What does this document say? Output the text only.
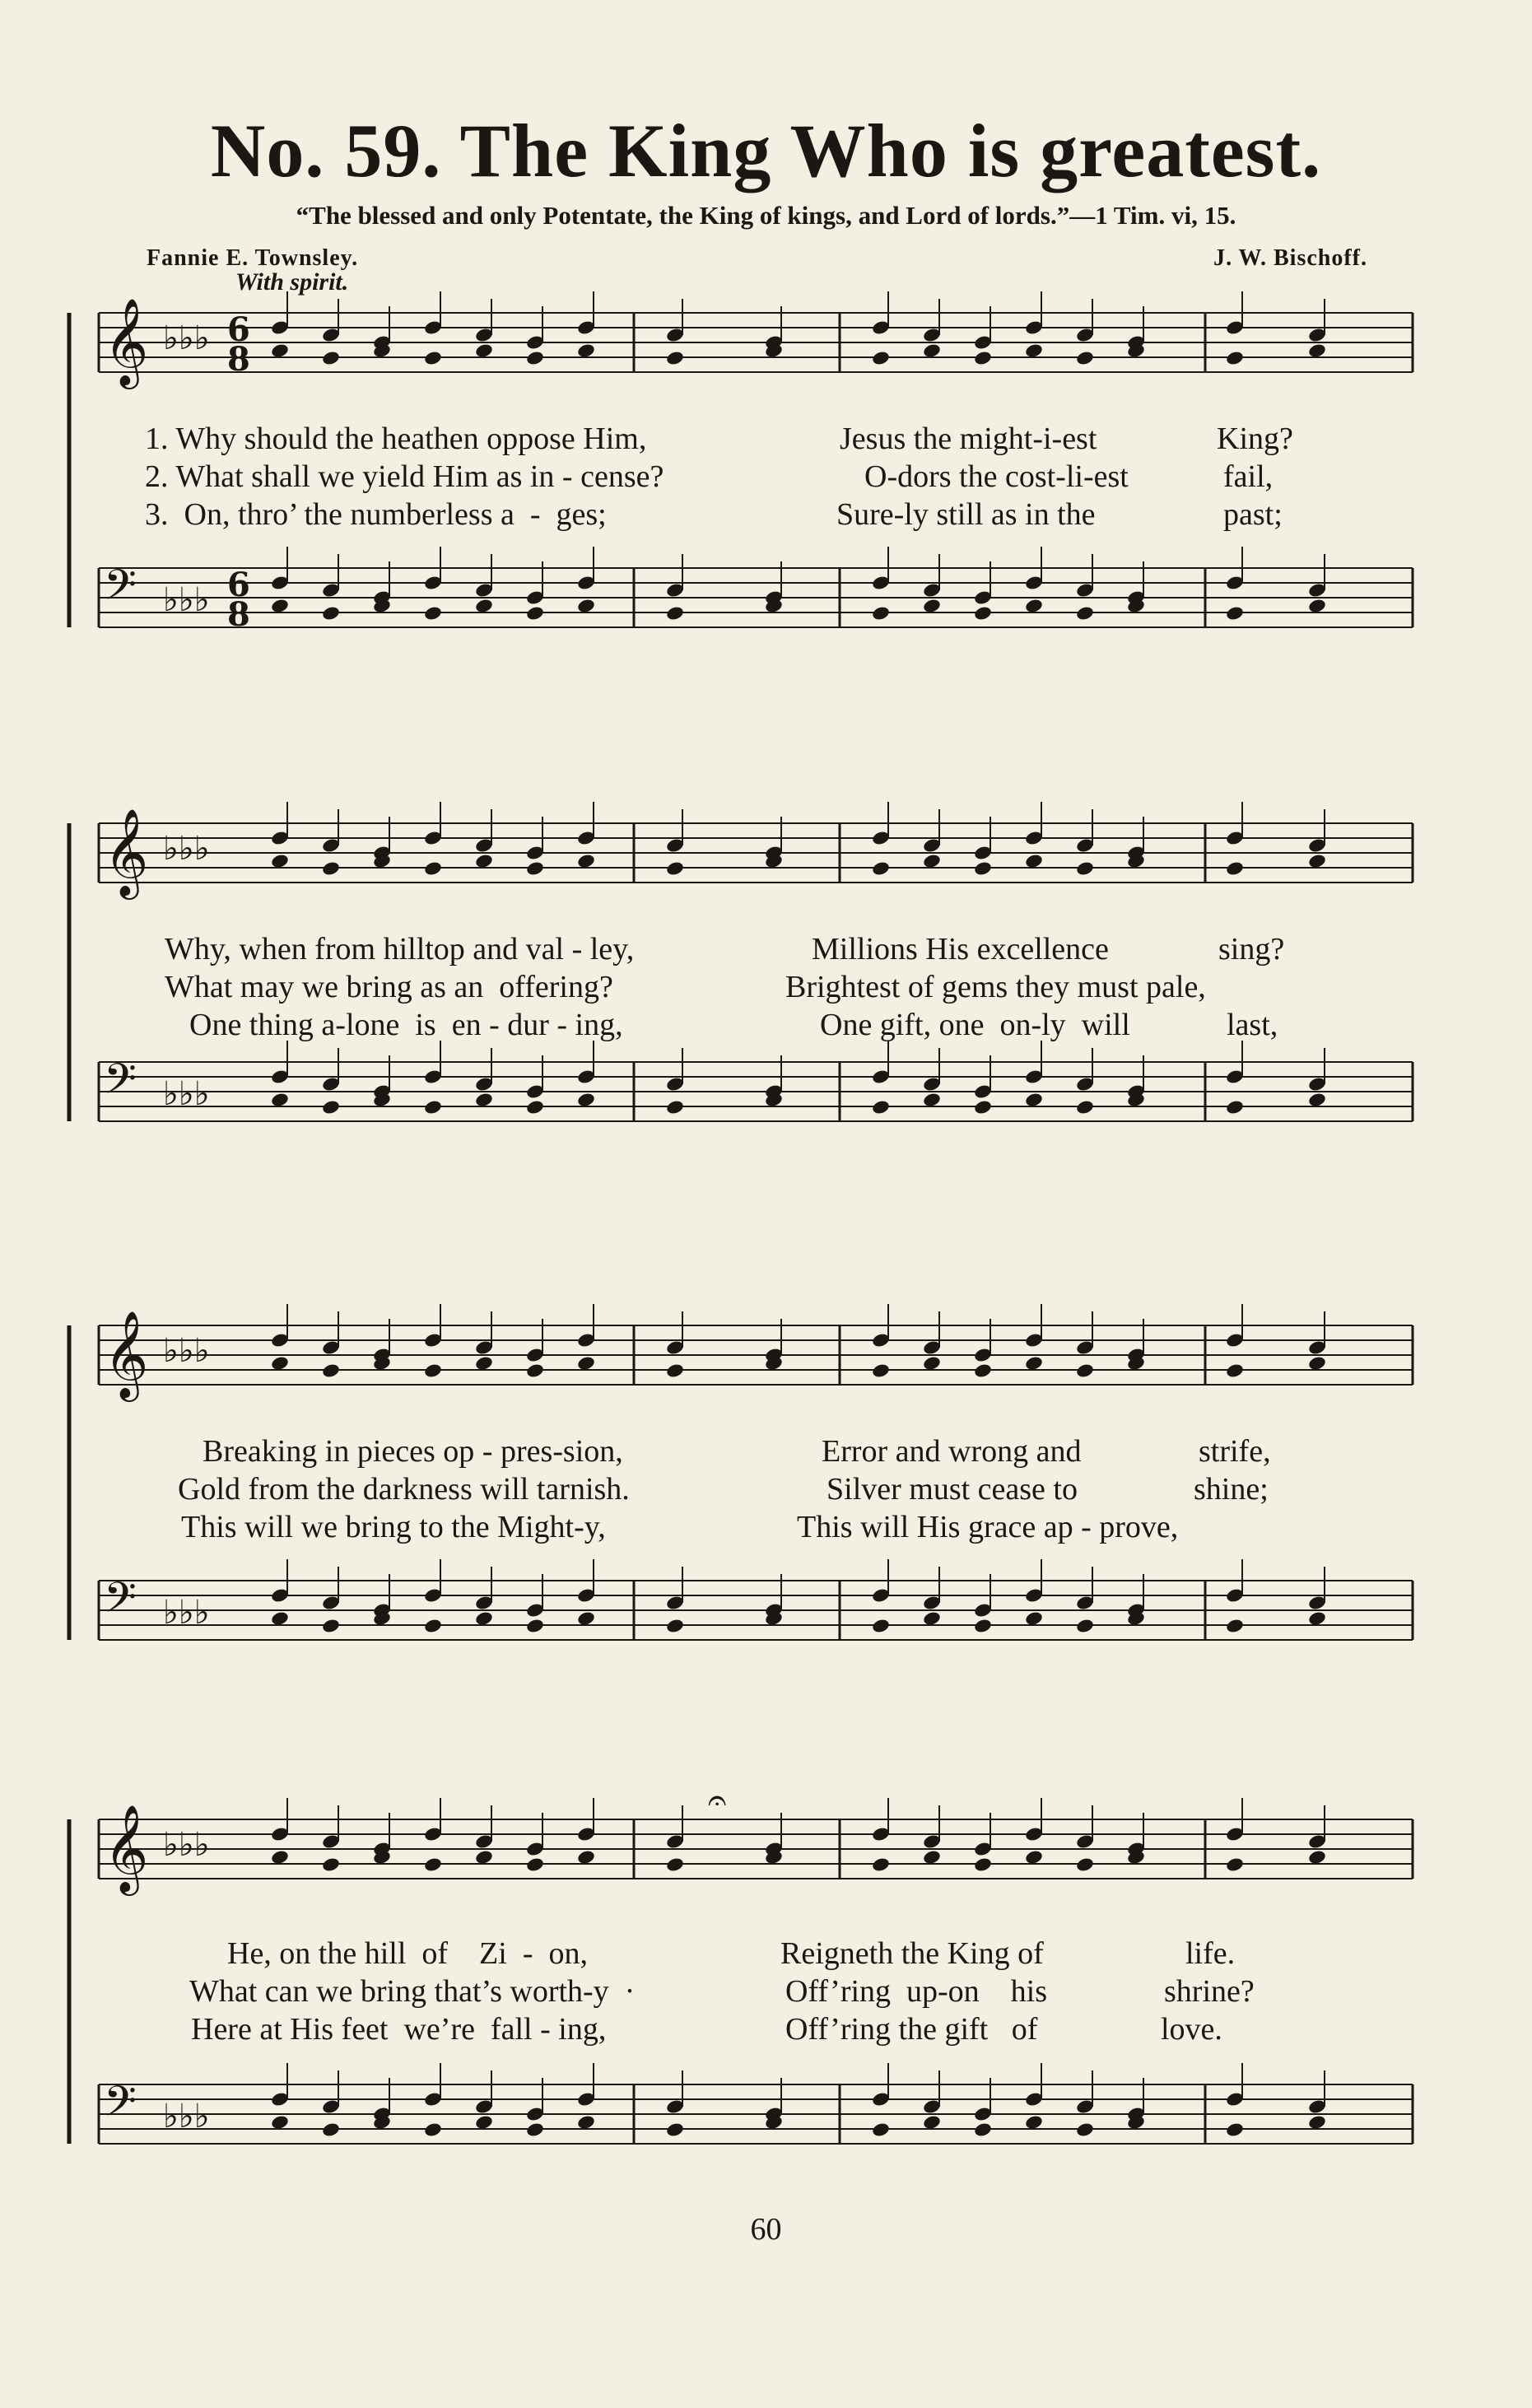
No. 59. The King Who is greatest.
“The blessed and only Potentate, the King of kings, and Lord of lords.”—1 Tim. vi, 15.
Fannie E. Townsley.	J. W. Bischoff.
With spirit.
𝄞 ♭♭♭ 6
8
𝄢 ♭♭♭ 6
8
1. Why should the heathen oppose Him,	Jesus the might-i-est	King?
2. What shall we yield Him as in - cense?	O-dors the cost-li-est	fail,
3.  On, thro’ the numberless a  -  ges;	Sure-ly still as in the	past;
𝄞 ♭♭♭
𝄢 ♭♭♭
Why, when from hilltop and val - ley,	Millions His excellence	sing?
What may we bring as an  offering?	Brightest of gems they must pale,
One thing a-lone  is  en - dur - ing,	One gift, one  on-ly  will	last,
𝄞 ♭♭♭
𝄢 ♭♭♭
Breaking in pieces op - pres-sion,	Error and wrong and	strife,
Gold from the darkness will tarnish.	Silver must cease to	shine;
This will we bring to the Might-y,	This will His grace ap - prove,
𝄞 ♭♭♭
𝄢 ♭♭♭
𝄐
He, on the hill  of    Zi  -  on,	Reigneth the King of	life.
What can we bring that’s worth-y  ·	Off’ring  up-on    his	shrine?
Here at His feet  we’re  fall - ing,	Off’ring the gift   of	love.
60
